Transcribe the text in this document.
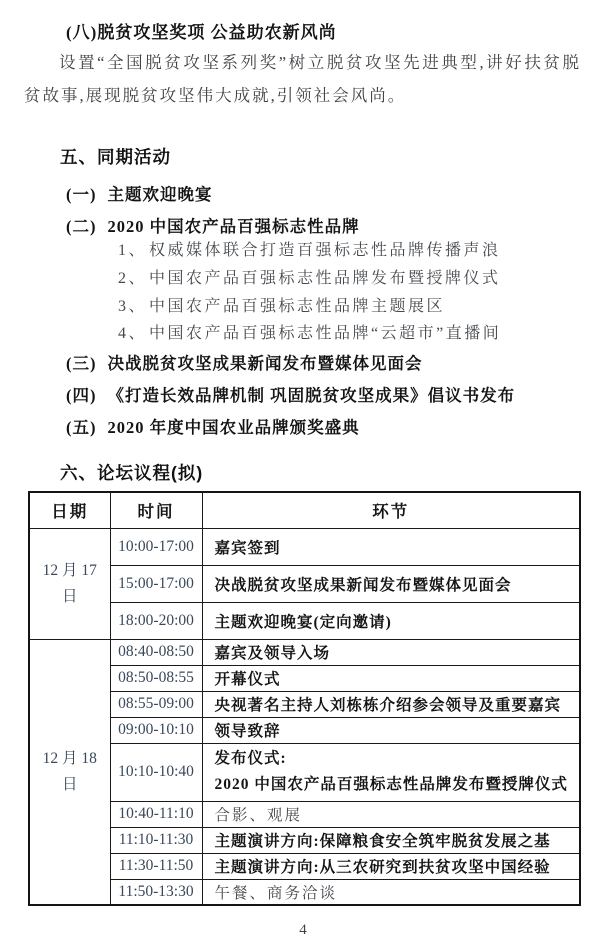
(八)脱贫攻坚奖项 公益助农新风尚

设置“全国脱贫攻坚系列奖”树立脱贫攻坚先进典型,讲好扶贫脱贫故事,展现脱贫攻坚伟大成就,引领社会风尚。

五、同期活动
(一) 主题欢迎晚宴
(二) 2020 中国农产品百强标志性品牌
1、 权威媒体联合打造百强标志性品牌传播声浪
2、 中国农产品百强标志性品牌发布暨授牌仪式
3、 中国农产品百强标志性品牌主题展区
4、 中国农产品百强标志性品牌“云超市”直播间
(三) 决战脱贫攻坚成果新闻发布暨媒体见面会
(四) 《打造长效品牌机制 巩固脱贫攻坚成果》倡议书发布
(五) 2020 年度中国农业品牌颁奖盛典
六、论坛议程(拟)
日期	时间	环节
12 月 17 日	10:00-17:00	嘉宾签到
	15:00-17:00	决战脱贫攻坚成果新闻发布暨媒体见面会
	18:00-20:00	主题欢迎晚宴(定向邀请)
12 月 18 日	08:40-08:50	嘉宾及领导入场
	08:50-08:55	开幕仪式
	08:55-09:00	央视著名主持人刘栋栋介绍参会领导及重要嘉宾
	09:00-10:10	领导致辞
	10:10-10:40	发布仪式:
2020 中国农产品百强标志性品牌发布暨授牌仪式

	10:40-11:10	合影、观展
	11:10-11:30	主题演讲方向:保障粮食安全筑牢脱贫发展之基
	11:30-11:50	主题演讲方向:从三农研究到扶贫攻坚中国经验
	11:50-13:30	午餐、商务洽谈
4
